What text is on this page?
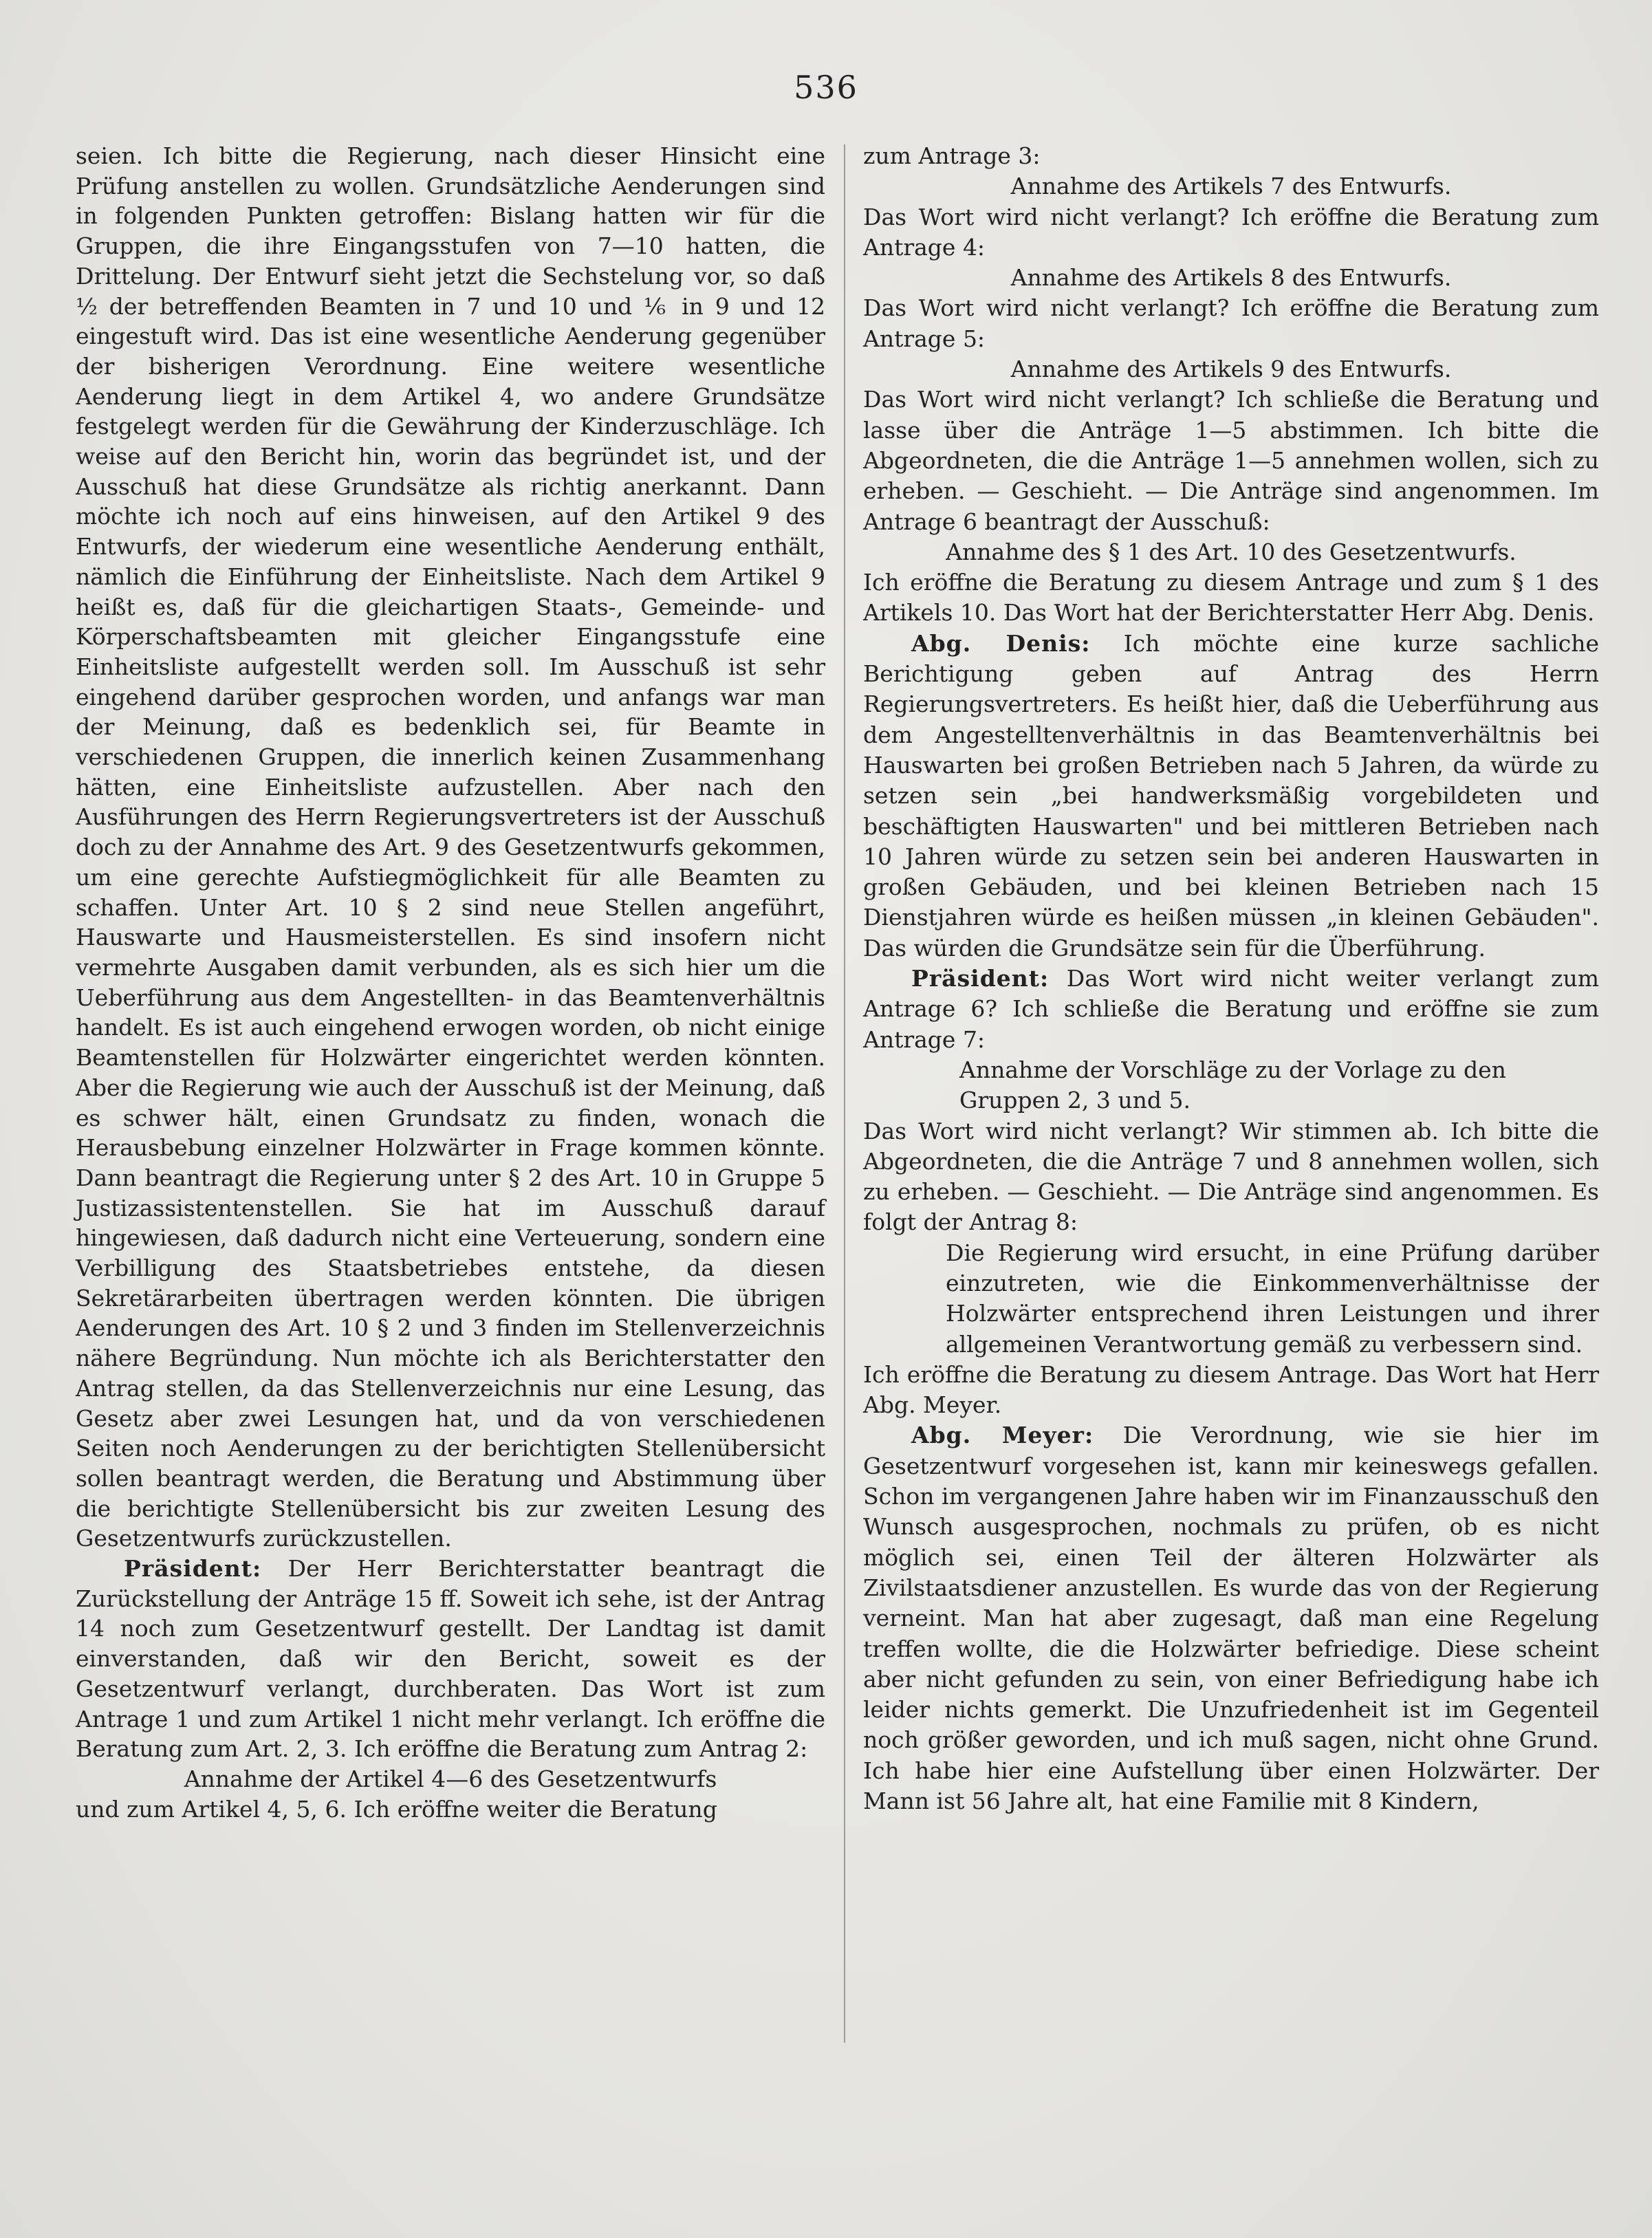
536

seien. Ich bitte die Regierung, nach dieser Hinsicht eine Prüfung anstellen zu wollen. Grundsätzliche Aenderungen sind in folgenden Punkten getroffen: Bislang hatten wir für die Gruppen, die ihre Eingangsstufen von 7—10 hatten, die Drittelung. Der Entwurf sieht jetzt die Sechstelung vor, so daß ½ der betreffenden Beamten in 7 und 10 und ⅙ in 9 und 12 eingestuft wird. Das ist eine wesentliche Aenderung gegenüber der bisherigen Verordnung. Eine weitere wesentliche Aenderung liegt in dem Artikel 4, wo andere Grundsätze festgelegt werden für die Gewährung der Kinderzuschläge. Ich weise auf den Bericht hin, worin das begründet ist, und der Ausschuß hat diese Grundsätze als richtig anerkannt. Dann möchte ich noch auf eins hinweisen, auf den Artikel 9 des Entwurfs, der wiederum eine wesentliche Aenderung enthält, nämlich die Einführung der Einheitsliste. Nach dem Artikel 9 heißt es, daß für die gleichartigen Staats-, Gemeinde- und Körperschaftsbeamten mit gleicher Eingangsstufe eine Einheitsliste aufgestellt werden soll. Im Ausschuß ist sehr eingehend darüber gesprochen worden, und anfangs war man der Meinung, daß es bedenklich sei, für Beamte in verschiedenen Gruppen, die innerlich keinen Zusammenhang hätten, eine Einheitsliste aufzustellen. Aber nach den Ausführungen des Herrn Regierungsvertreters ist der Ausschuß doch zu der Annahme des Art. 9 des Gesetzentwurfs gekommen, um eine gerechte Aufstiegmöglichkeit für alle Beamten zu schaffen. Unter Art. 10 § 2 sind neue Stellen angeführt, Hauswarte und Hausmeisterstellen. Es sind insofern nicht vermehrte Ausgaben damit verbunden, als es sich hier um die Ueberführung aus dem Angestellten- in das Beamtenverhältnis handelt. Es ist auch eingehend erwogen worden, ob nicht einige Beamtenstellen für Holzwärter eingerichtet werden könnten. Aber die Regierung wie auch der Ausschuß ist der Meinung, daß es schwer hält, einen Grundsatz zu finden, wonach die Herausbebung einzelner Holzwärter in Frage kommen könnte. Dann beantragt die Regierung unter § 2 des Art. 10 in Gruppe 5 Justizassistentenstellen. Sie hat im Ausschuß darauf hingewiesen, daß dadurch nicht eine Verteuerung, sondern eine Verbilligung des Staatsbetriebes entstehe, da diesen Sekretärarbeiten übertragen werden könnten. Die übrigen Aenderungen des Art. 10 § 2 und 3 finden im Stellenverzeichnis nähere Begründung. Nun möchte ich als Berichterstatter den Antrag stellen, da das Stellenverzeichnis nur eine Lesung, das Gesetz aber zwei Lesungen hat, und da von verschiedenen Seiten noch Aenderungen zu der berichtigten Stellenübersicht sollen beantragt werden, die Beratung und Abstimmung über die berichtigte Stellenübersicht bis zur zweiten Lesung des Gesetzentwurfs zurückzustellen.

Präsident: Der Herr Berichterstatter beantragt die Zurückstellung der Anträge 15 ff. Soweit ich sehe, ist der Antrag 14 noch zum Gesetzentwurf gestellt. Der Landtag ist damit einverstanden, daß wir den Bericht, soweit es der Gesetzentwurf verlangt, durchberaten. Das Wort ist zum Antrage 1 und zum Artikel 1 nicht mehr verlangt. Ich eröffne die Beratung zum Art. 2, 3. Ich eröffne die Beratung zum Antrag 2:

Annahme der Artikel 4—6 des Gesetzentwurfs

und zum Artikel 4, 5, 6. Ich eröffne weiter die Beratung

zum Antrage 3:

Annahme des Artikels 7 des Entwurfs.

Das Wort wird nicht verlangt? Ich eröffne die Beratung zum Antrage 4:

Annahme des Artikels 8 des Entwurfs.

Das Wort wird nicht verlangt? Ich eröffne die Beratung zum Antrage 5:

Annahme des Artikels 9 des Entwurfs.

Das Wort wird nicht verlangt? Ich schließe die Beratung und lasse über die Anträge 1—5 abstimmen. Ich bitte die Abgeordneten, die die Anträge 1—5 annehmen wollen, sich zu erheben. — Geschieht. — Die Anträge sind angenommen. Im Antrage 6 beantragt der Ausschuß:

Annahme des § 1 des Art. 10 des Gesetzentwurfs.

Ich eröffne die Beratung zu diesem Antrage und zum § 1 des Artikels 10. Das Wort hat der Berichterstatter Herr Abg. Denis.

Abg. Denis: Ich möchte eine kurze sachliche Berichtigung geben auf Antrag des Herrn Regierungsvertreters. Es heißt hier, daß die Ueberführung aus dem Angestelltenverhältnis in das Beamtenverhältnis bei Hauswarten bei großen Betrieben nach 5 Jahren, da würde zu setzen sein „bei handwerksmäßig vorgebildeten und beschäftigten Hauswarten" und bei mittleren Betrieben nach 10 Jahren würde zu setzen sein bei anderen Hauswarten in großen Gebäuden, und bei kleinen Betrieben nach 15 Dienstjahren würde es heißen müssen „in kleinen Gebäuden". Das würden die Grundsätze sein für die Überführung.

Präsident: Das Wort wird nicht weiter verlangt zum Antrage 6? Ich schließe die Beratung und eröffne sie zum Antrage 7:

Annahme der Vorschläge zu der Vorlage zu den Gruppen 2, 3 und 5.

Das Wort wird nicht verlangt? Wir stimmen ab. Ich bitte die Abgeordneten, die die Anträge 7 und 8 annehmen wollen, sich zu erheben. — Geschieht. — Die Anträge sind angenommen. Es folgt der Antrag 8:

Die Regierung wird ersucht, in eine Prüfung darüber einzutreten, wie die Einkommenverhältnisse der Holzwärter entsprechend ihren Leistungen und ihrer allgemeinen Verantwortung gemäß zu verbessern sind.

Ich eröffne die Beratung zu diesem Antrage. Das Wort hat Herr Abg. Meyer.

Abg. Meyer: Die Verordnung, wie sie hier im Gesetzentwurf vorgesehen ist, kann mir keineswegs gefallen. Schon im vergangenen Jahre haben wir im Finanzausschuß den Wunsch ausgesprochen, nochmals zu prüfen, ob es nicht möglich sei, einen Teil der älteren Holzwärter als Zivilstaatsdiener anzustellen. Es wurde das von der Regierung verneint. Man hat aber zugesagt, daß man eine Regelung treffen wollte, die die Holzwärter befriedige. Diese scheint aber nicht gefunden zu sein, von einer Befriedigung habe ich leider nichts gemerkt. Die Unzufriedenheit ist im Gegenteil noch größer geworden, und ich muß sagen, nicht ohne Grund. Ich habe hier eine Aufstellung über einen Holzwärter. Der Mann ist 56 Jahre alt, hat eine Familie mit 8 Kindern,
